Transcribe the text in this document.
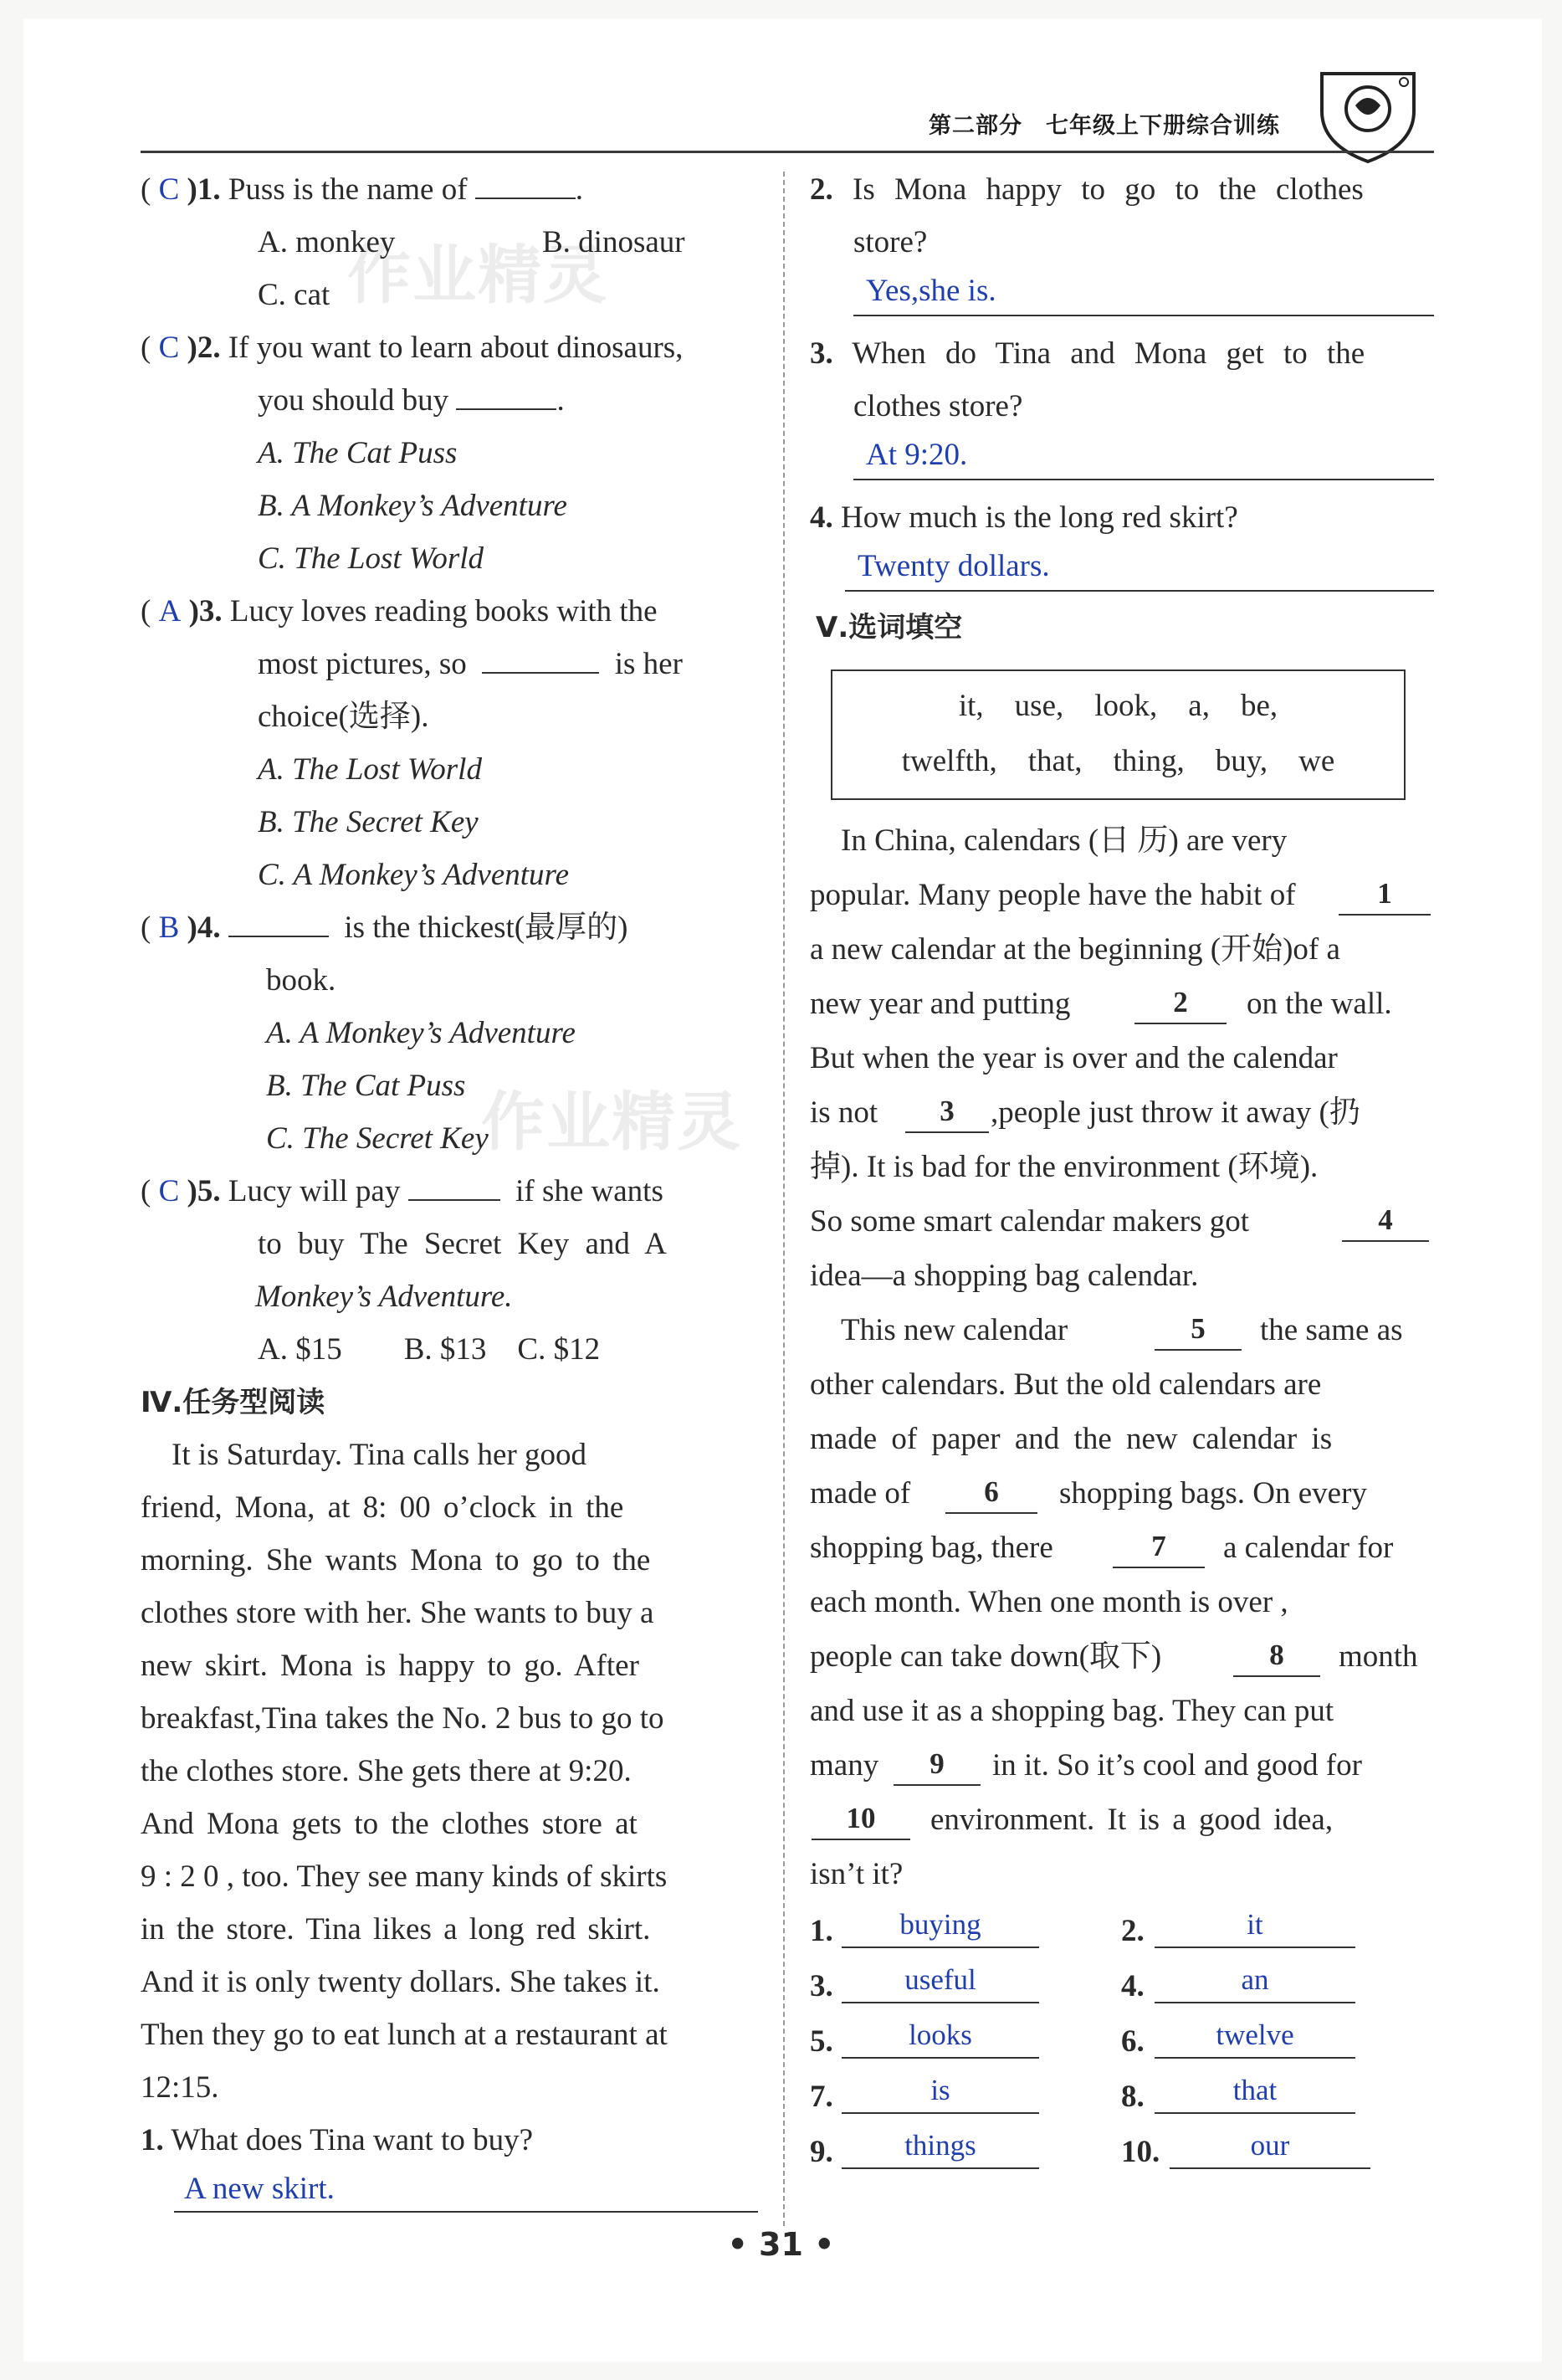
第二部分　七年级上下册综合训练
作业精灵
作业精灵
( C )1. Puss is the name of	.
A. monkey	B. dinosaur
C. cat
( C )2. If you want to learn about dinosaurs,
you should buy	.
A. The Cat Puss
B. A Monkey’s Adventure
C. The Lost World
( A )3. Lucy loves reading books with the
most pictures, so	is her
choice(选择).
A. The Lost World
B. The Secret Key
C. A Monkey’s Adventure
( B )4.	is the thickest(最厚的)
book.
A. A Monkey’s Adventure
B. The Cat Puss
C. The Secret Key
( C )5. Lucy will pay	if she wants
to buy The Secret Key and A
Monkey’s Adventure.
A. $15　　B. $13　C. $12
Ⅳ.任务型阅读
　It is Saturday. Tina calls her good
friend, Mona, at 8: 00 o’clock in the
morning. She wants Mona to go to the
clothes store with her. She wants to buy a
new skirt. Mona is happy to go. After
breakfast,Tina takes the No. 2 bus to go to
the clothes store. She gets there at 9:20.
And Mona gets to the clothes store at
9 : 2 0 , too. They see many kinds of skirts
in the store. Tina likes a long red skirt.
And it is only twenty dollars. She takes it.
Then they go to eat lunch at a restaurant at
12:15.
1. What does Tina want to buy?
A new skirt.
2. Is Mona happy to go to the clothes
store?
Yes,she is.
3. When do Tina and Mona get to the
clothes store?
At 9:20.
4. How much is the long red skirt?
Twenty dollars.
Ⅴ.选词填空
it,　use,　look,　a,　be,
twelfth,　that,　thing,　buy,　we
　In China, calendars (日 历) are very
popular. Many people have the habit of	1
a new calendar at the beginning (开始)of a
new year and putting	2	on the wall.
But when the year is over and the calendar
is not	3	,people just throw it away (扔
掉). It is bad for the environment (环境).
So some smart calendar makers got	4
idea—a shopping bag calendar.
　This new calendar	5	the same as
other calendars. But the old calendars are
made of paper and the new calendar is
made of	6	shopping bags. On every
shopping bag, there	7	a calendar for
each month. When one month is over ,
people can take down(取下)	8	month
and use it as a shopping bag. They can put
many	9	in it. So it’s cool and good for
10	environment. It is a good idea,
isn’t it?
1.	buying	2.	it
3.	useful	4.	an
5.	looks	6.	twelve
7.	is	8.	that
9.	things	10.	our
• 31 •
